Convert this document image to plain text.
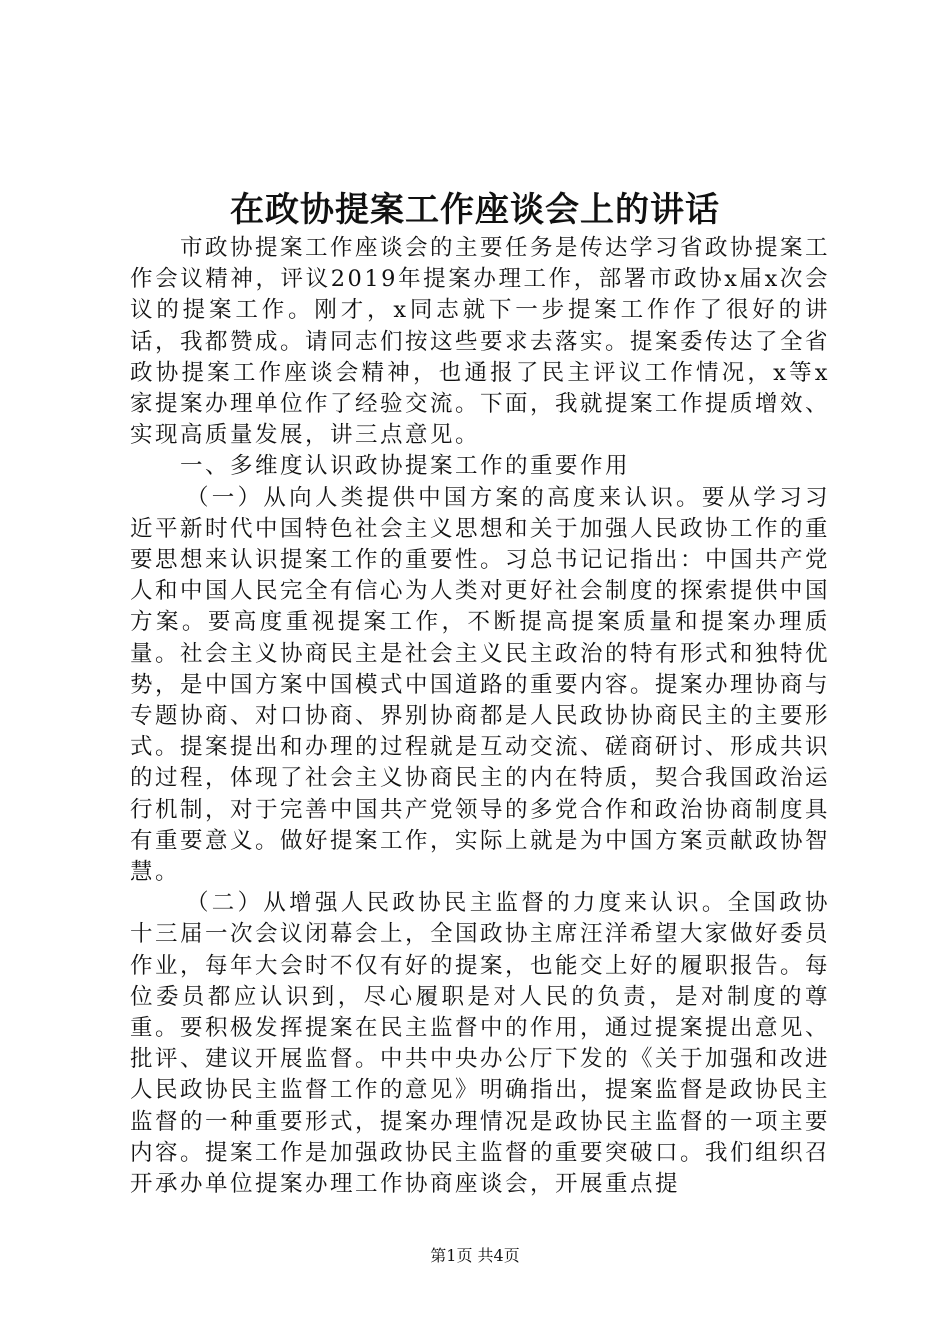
在政协提案工作座谈会上的讲话

市政协提案工作座谈会的主要任务是传达学习省政协提案工作会议精神，评议2019年提案办理工作，部署市政协x届x次会议的提案工作。刚才，x同志就下一步提案工作作了很好的讲话，我都赞成。请同志们按这些要求去落实。提案委传达了全省政协提案工作座谈会精神，也通报了民主评议工作情况，x等x家提案办理单位作了经验交流。下面，我就提案工作提质增效、实现高质量发展，讲三点意见。

一、多维度认识政协提案工作的重要作用

（一）从向人类提供中国方案的高度来认识。要从学习习近平新时代中国特色社会主义思想和关于加强人民政协工作的重要思想来认识提案工作的重要性。习总书记记指出：中国共产党人和中国人民完全有信心为人类对更好社会制度的探索提供中国方案。要高度重视提案工作，不断提高提案质量和提案办理质量。社会主义协商民主是社会主义民主政治的特有形式和独特优势，是中国方案中国模式中国道路的重要内容。提案办理协商与专题协商、对口协商、界别协商都是人民政协协商民主的主要形式。提案提出和办理的过程就是互动交流、磋商研讨、形成共识的过程，体现了社会主义协商民主的内在特质，契合我国政治运行机制，对于完善中国共产党领导的多党合作和政治协商制度具有重要意义。做好提案工作，实际上就是为中国方案贡献政协智慧。

（二）从增强人民政协民主监督的力度来认识。全国政协十三届一次会议闭幕会上，全国政协主席汪洋希望大家做好委员作业，每年大会时不仅有好的提案，也能交上好的履职报告。每位委员都应认识到，尽心履职是对人民的负责，是对制度的尊重。要积极发挥提案在民主监督中的作用，通过提案提出意见、批评、建议开展监督。中共中央办公厅下发的《关于加强和改进人民政协民主监督工作的意见》明确指出，提案监督是政协民主监督的一种重要形式，提案办理情况是政协民主监督的一项主要内容。提案工作是加强政协民主监督的重要突破口。我们组织召开承办单位提案办理工作协商座谈会，开展重点提

第1页 共4页
